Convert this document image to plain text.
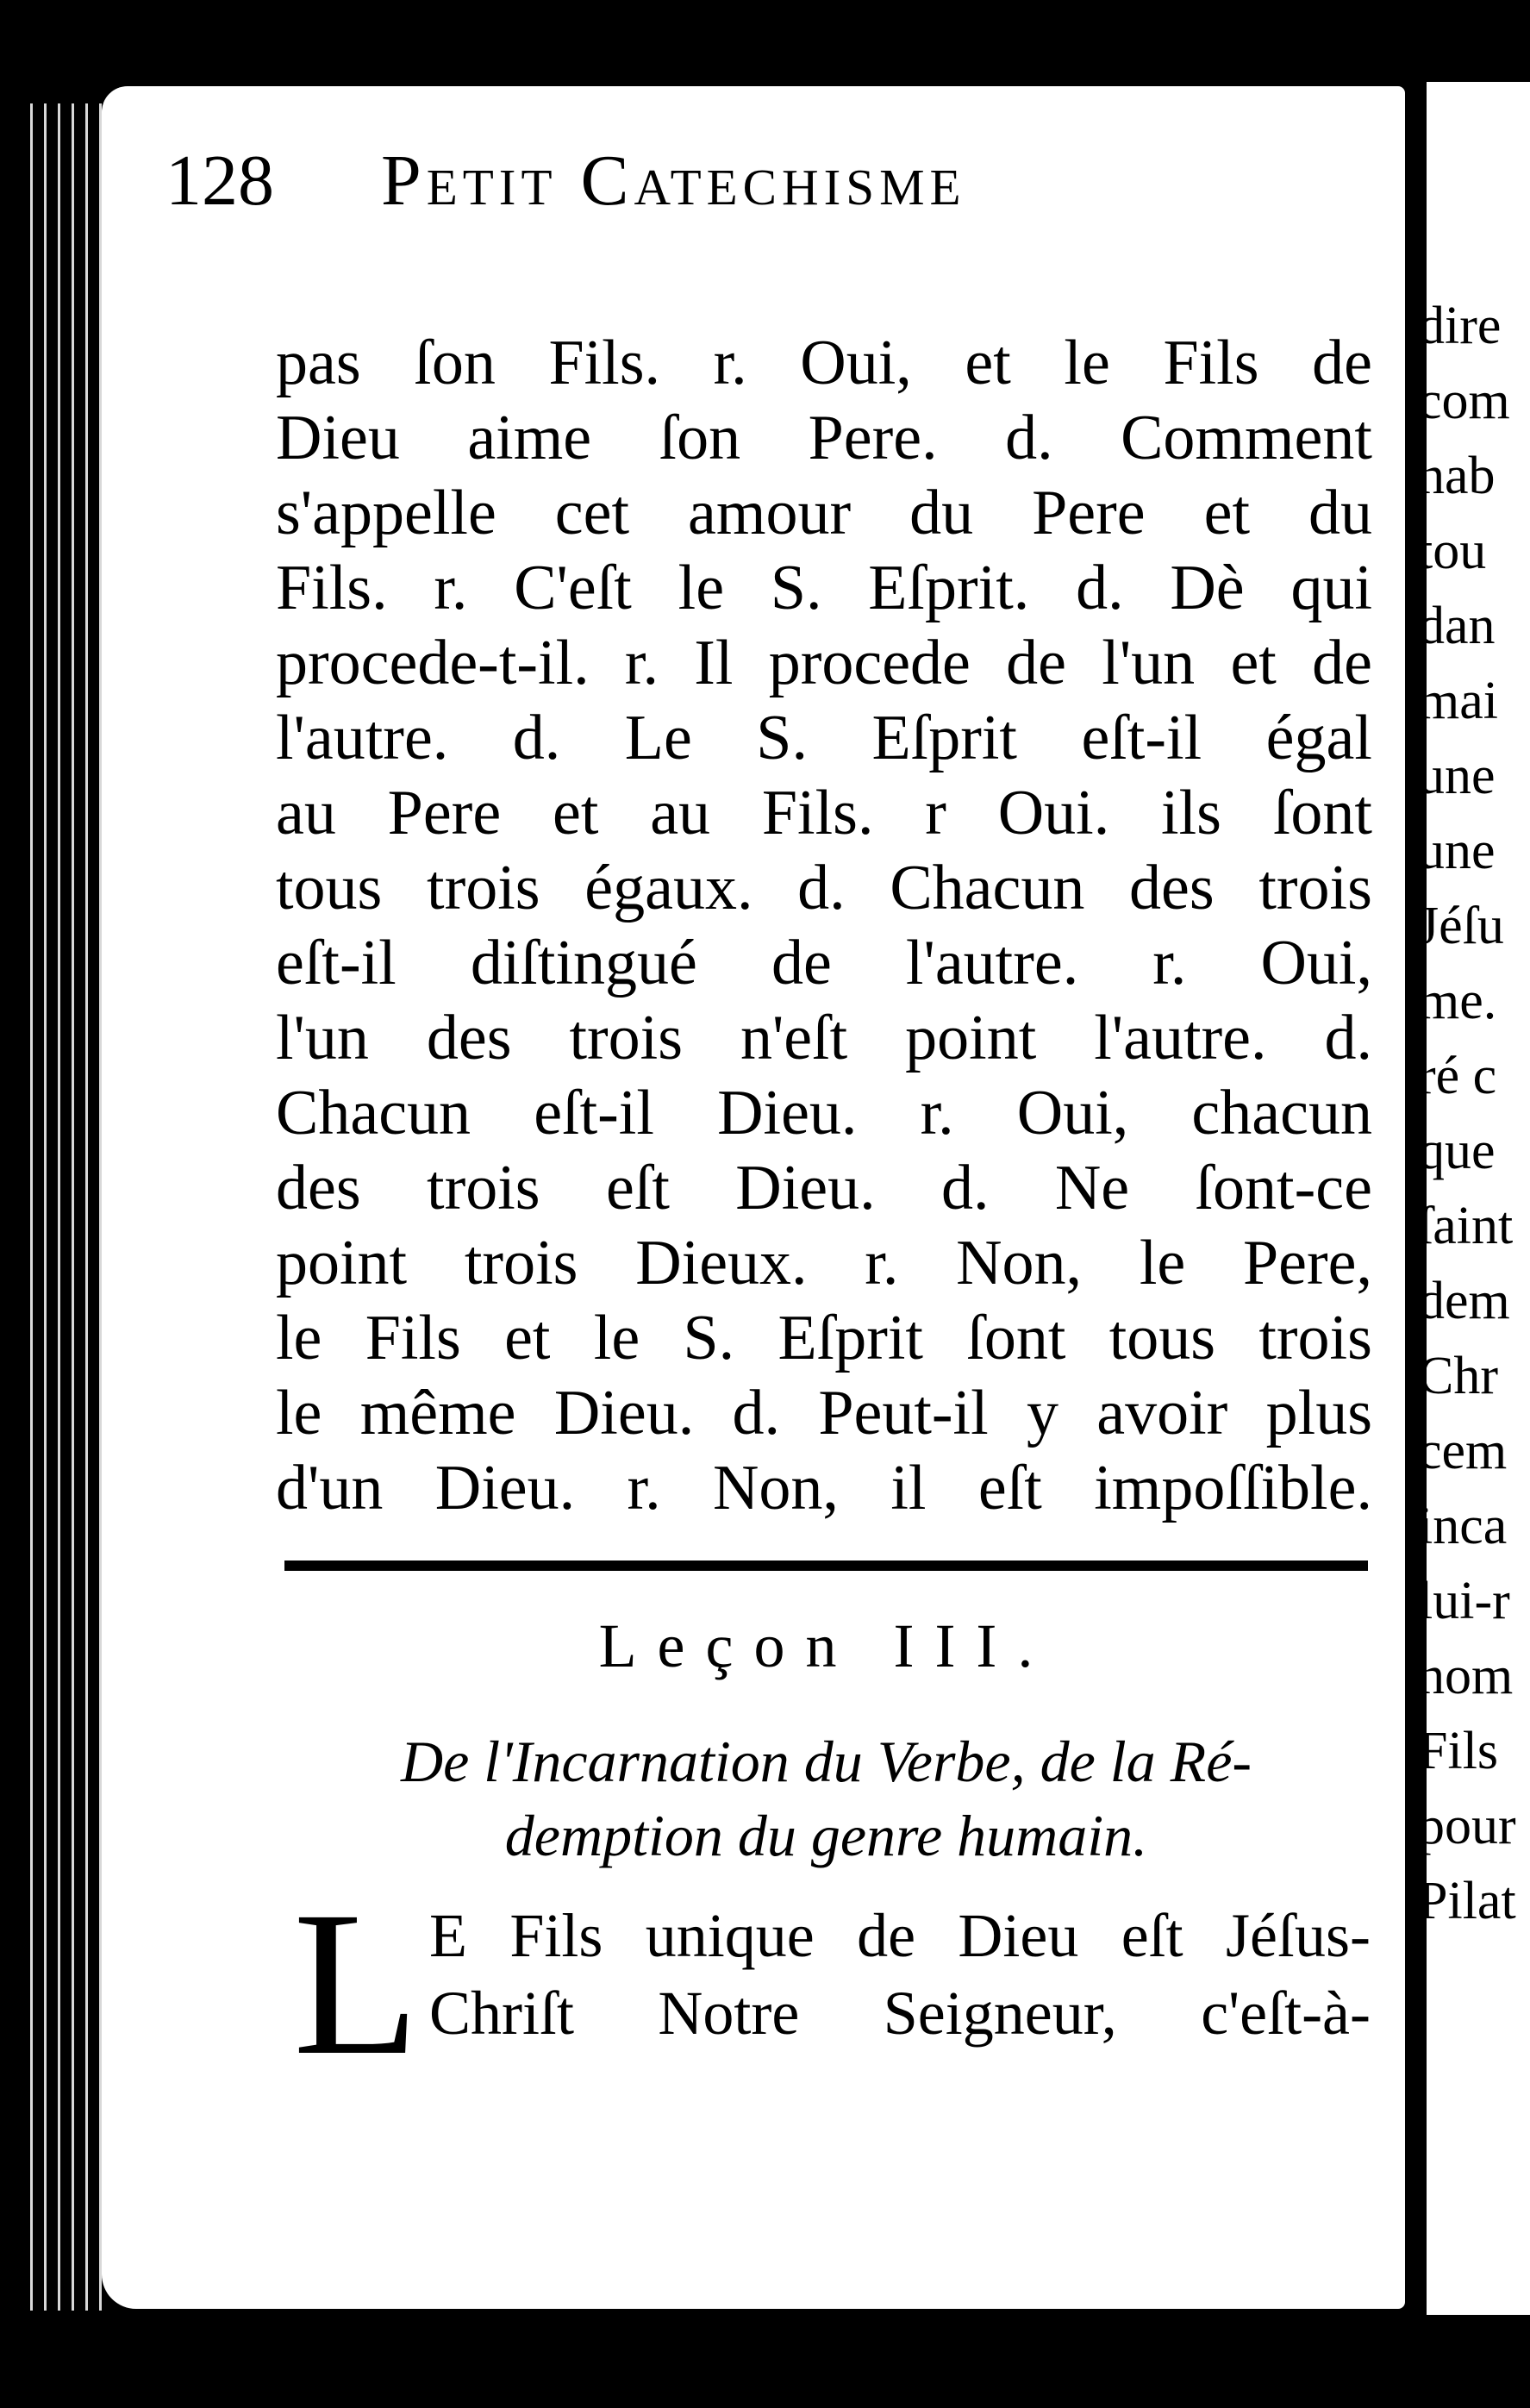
128 Petit Catechisme
pas ſon Fils. r. Oui, et le Fils de
Dieu aime ſon Pere. d. Comment
s'appelle cet amour du Pere et du
Fils. r. C'eſt le S. Eſprit. d. Dè qui
procede-t-il. r. Il procede de l'un et de
l'autre. d. Le S. Eſprit eſt-il égal
au Pere et au Fils. r Oui. ils ſont
tous trois égaux. d. Chacun des trois
eſt-il diſtingué de l'autre. r. Oui,
l'un des trois n'eſt point l'autre. d.
Chacun eſt-il Dieu. r. Oui, chacun
des trois eſt Dieu. d. Ne ſont-ce
point trois Dieux. r. Non, le Pere,
le Fils et le S. Eſprit ſont tous trois
le même Dieu. d. Peut-il y avoir plus
d'un Dieu. r. Non, il eſt impoſſible.
Leçon III.
De l'Incarnation du Verbe, de la Ré-
demption du genre humain.
L E Fils unique de Dieu eſt Jéſus-
Chriſt Notre Seigneur, c'eſt-à-
dire
com
hab
tou
dan
mai
une
une
Jéſu
me.
ré c
que
ſaint
dem
Chr
cem
inca
lui-r
hom
Fils
pour
Pilat
